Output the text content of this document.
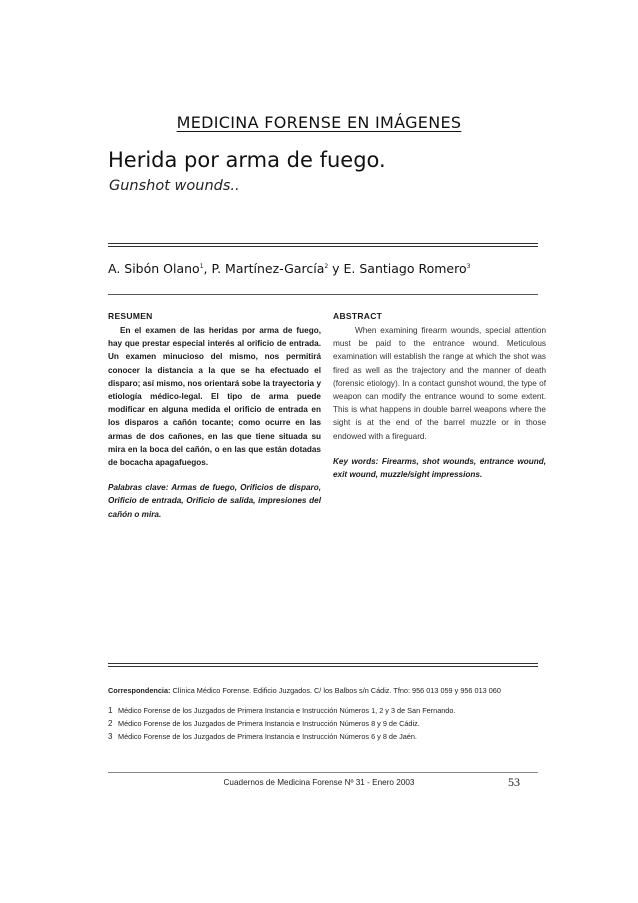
MEDICINA FORENSE EN IMÁGENES
Herida por arma de fuego.
Gunshot wounds..
A. Sibón Olano$^1$, P. Martínez-García$^2$ y E. Santiago Romero$^3$
RESUMEN

En el examen de las heridas por arma de fuego, hay que prestar especial interés al orificio de entrada. Un examen minucioso del mismo, nos permitirá conocer la distancia a la que se ha efectuado el disparo; así mismo, nos orientará sobe la trayectoria y etiología médico-legal. El tipo de arma puede modificar en alguna medida el orificio de entrada en los disparos a cañón tocante; como ocurre en las armas de dos cañones, en las que tiene situada su mira en la boca del cañón, o en las que están dotadas de bocacha apagafuegos.

Palabras clave: Armas de fuego, Orificios de disparo, Orificio de entrada, Orificio de salida, impresiones del cañón o mira.

ABSTRACT

When examining firearm wounds, special attention must be paid to the entrance wound. Meticulous examination will establish the range at which the shot was fired as well as the trajectory and the manner of death (forensic etiology). In a contact gunshot wound, the type of weapon can modify the entrance wound to some extent. This is what happens in double barrel weapons where the sight is at the end of the barrel muzzle or in those endowed with a fireguard.

Key words: Firearms, shot wounds, entrance wound, exit wound, muzzle/sight impressions.

Correspondencia: Clínica Médico Forense. Edificio Juzgados. C/ los Balbos s/n Cádiz. Tfno: 956 013 059 y 956 013 060
1 Médico Forense de los Juzgados de Primera Instancia e Instrucción Números 1, 2 y 3 de San Fernando.
2 Médico Forense de los Juzgados de Primera Instancia e Instrucción Números 8 y 9 de Cádiz.
3 Médico Forense de los Juzgados de Primera Instancia e Instrucción Números 6 y 8 de Jaén.
Cuadernos de Medicina Forense Nº 31 - Enero 2003	53
